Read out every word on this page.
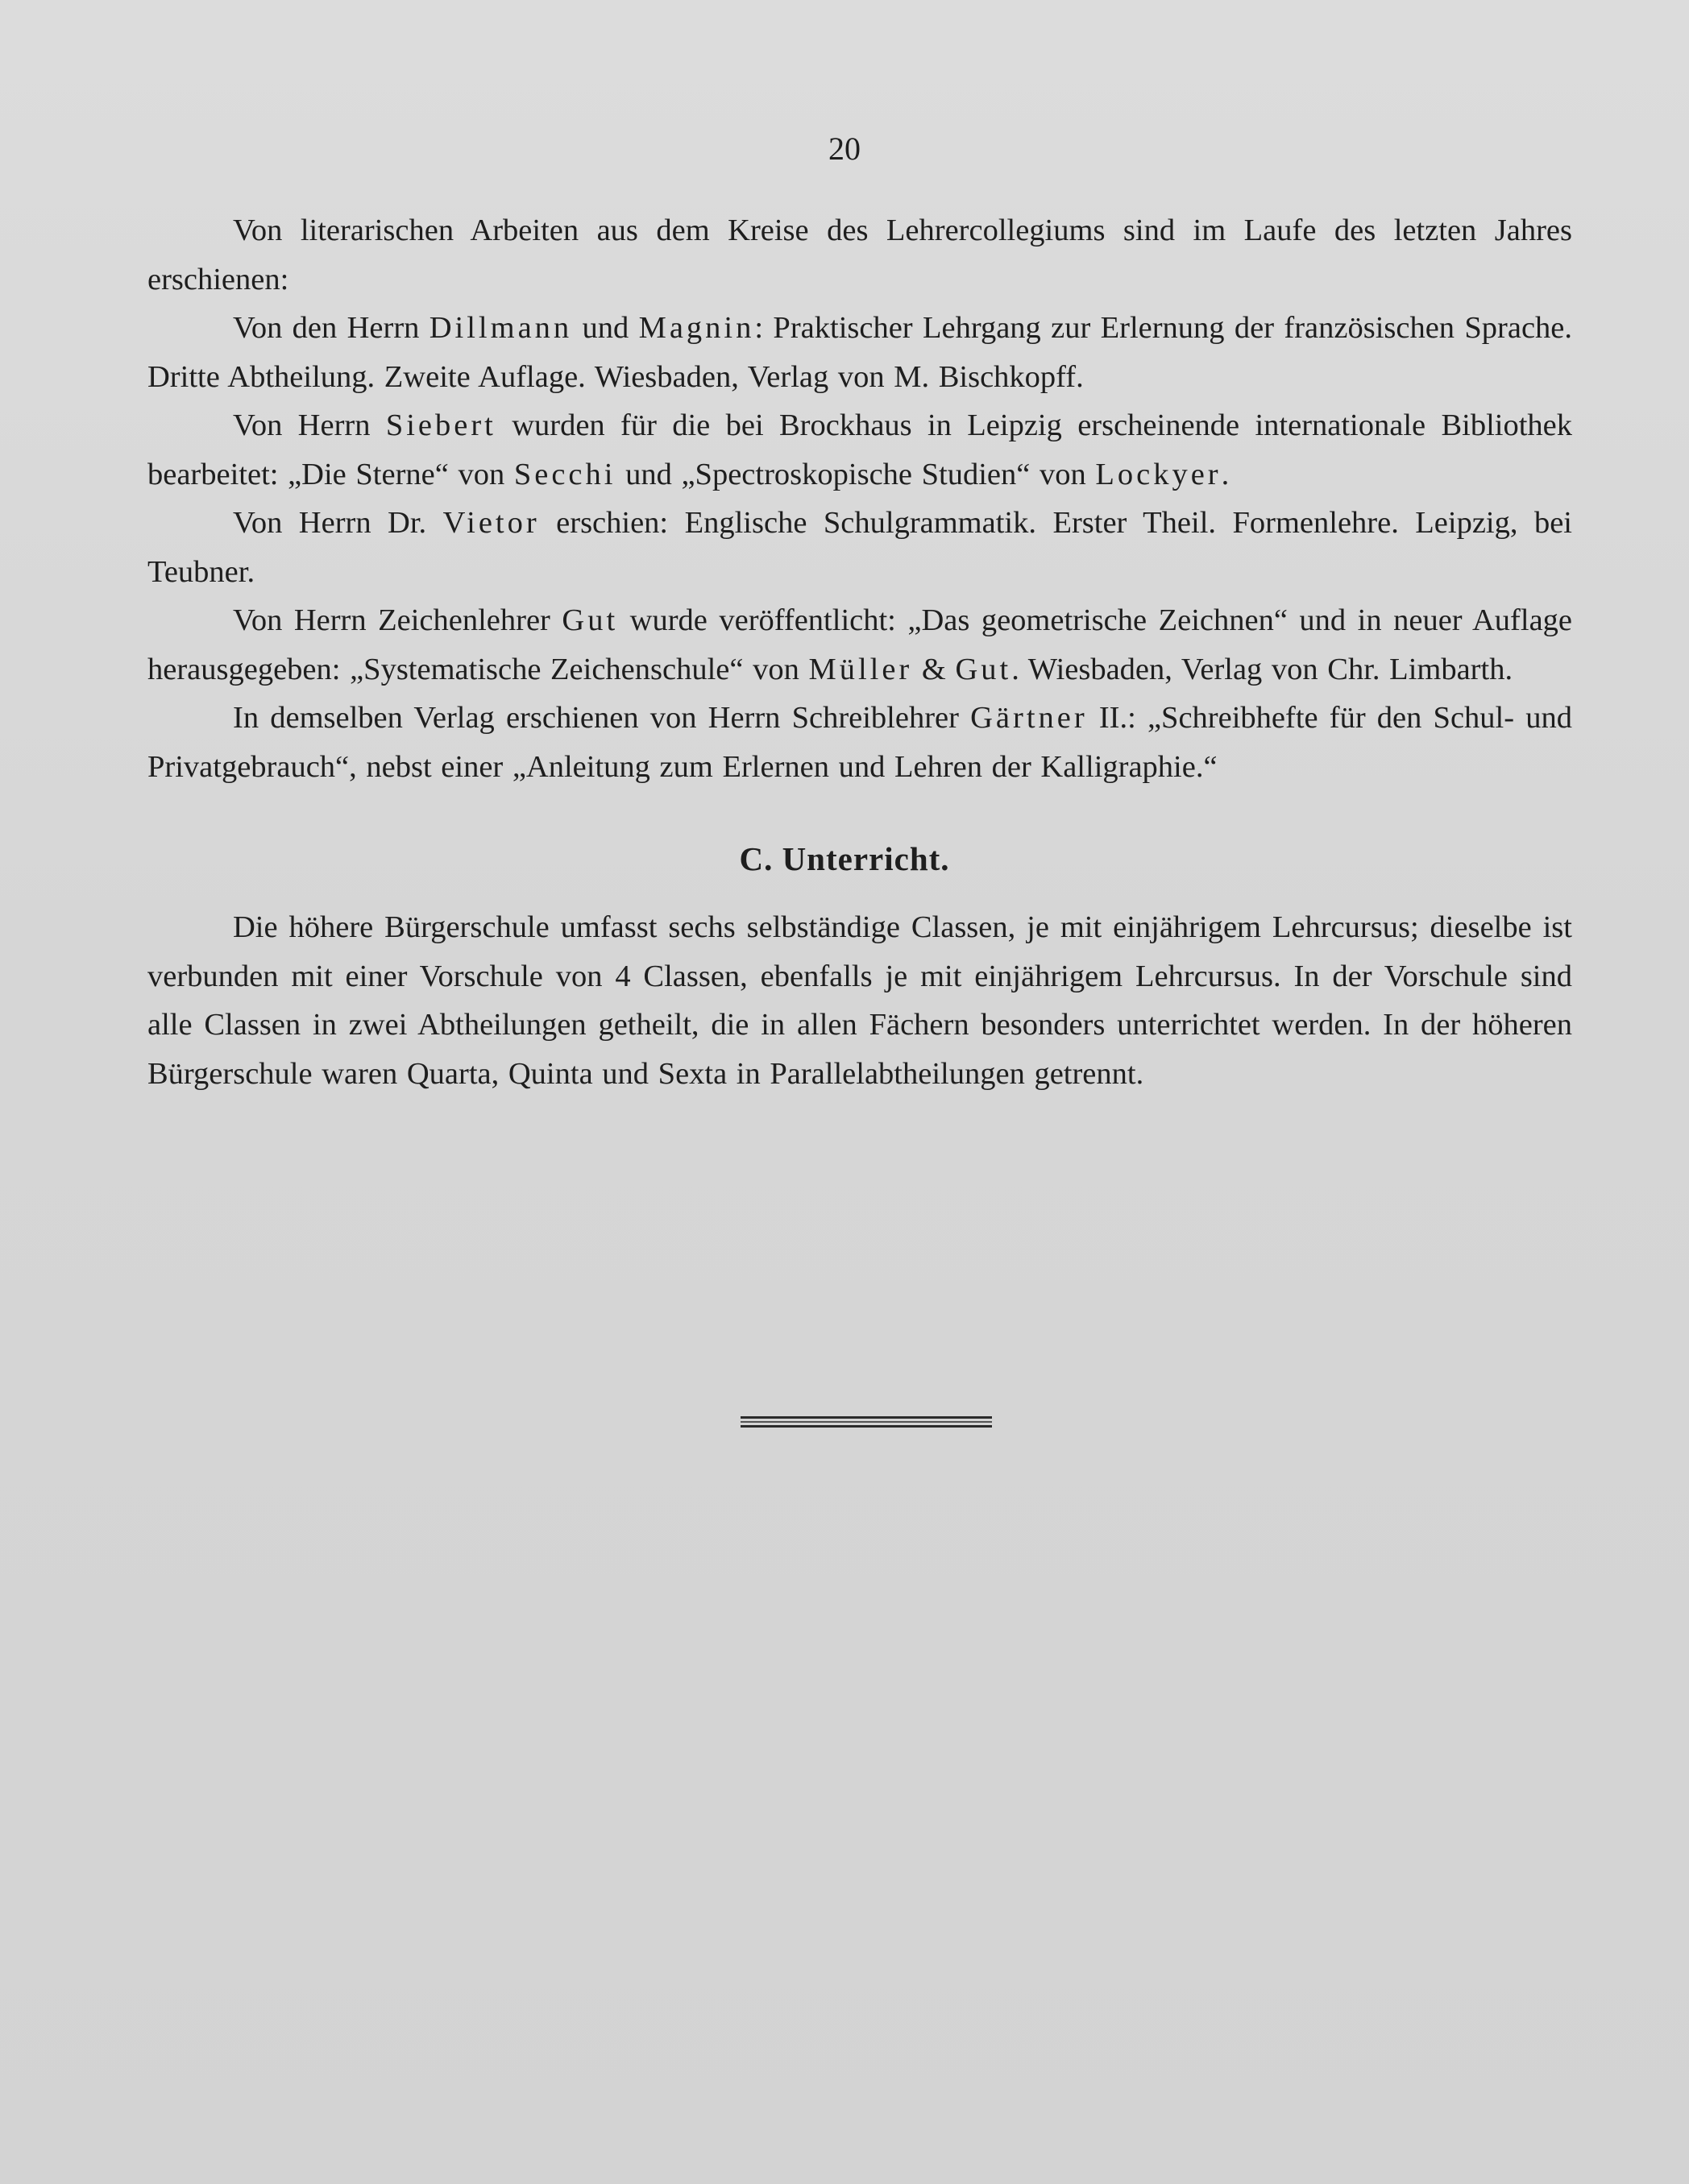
20

Von literarischen Arbeiten aus dem Kreise des Lehrercollegiums sind im Laufe des letzten Jahres erschienen:

Von den Herrn Dillmann und Magnin: Praktischer Lehrgang zur Erlernung der französischen Sprache. Dritte Abtheilung. Zweite Auflage. Wiesbaden, Verlag von M. Bischkopff.

Von Herrn Siebert wurden für die bei Brockhaus in Leipzig erscheinende internationale Bibliothek bearbeitet: „Die Sterne“ von Secchi und „Spectroskopische Studien“ von Lockyer.

Von Herrn Dr. Vietor erschien: Englische Schulgrammatik. Erster Theil. Formenlehre. Leipzig, bei Teubner.

Von Herrn Zeichenlehrer Gut wurde veröffentlicht: „Das geometrische Zeichnen“ und in neuer Auflage herausgegeben: „Systematische Zeichenschule“ von Müller & Gut. Wiesbaden, Verlag von Chr. Limbarth.

In demselben Verlag erschienen von Herrn Schreiblehrer Gärtner II.: „Schreibhefte für den Schul- und Privatgebrauch“, nebst einer „Anleitung zum Erlernen und Lehren der Kalligraphie.“

C. Unterricht.

Die höhere Bürgerschule umfasst sechs selbständige Classen, je mit einjährigem Lehrcursus; dieselbe ist verbunden mit einer Vorschule von 4 Classen, ebenfalls je mit einjährigem Lehrcursus. In der Vorschule sind alle Classen in zwei Abtheilungen getheilt, die in allen Fächern besonders unterrichtet werden. In der höheren Bürgerschule waren Quarta, Quinta und Sexta in Parallelabtheilungen getrennt.
